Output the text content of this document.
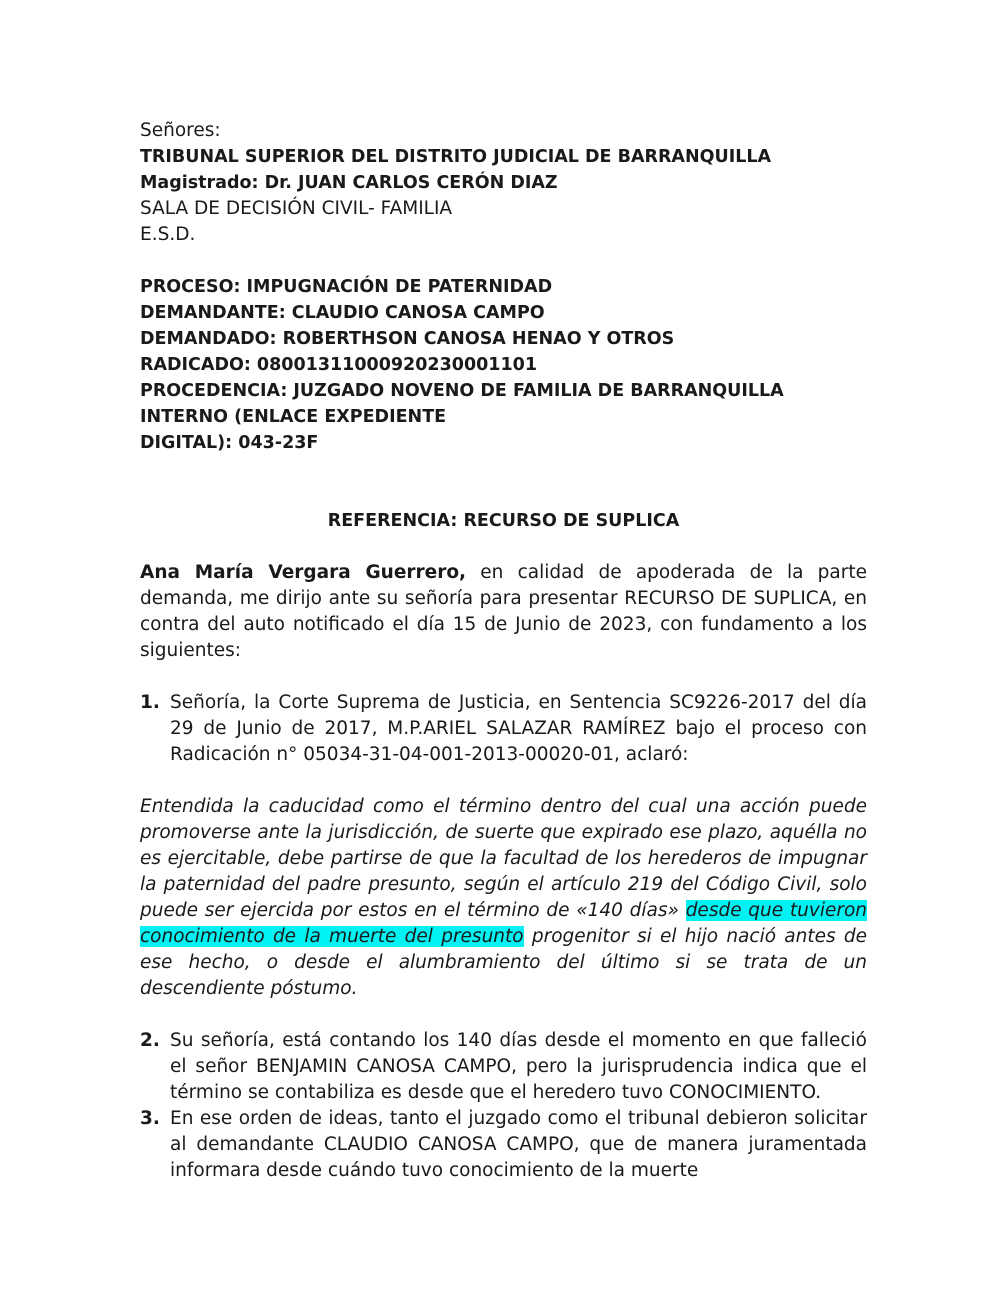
Señores:
TRIBUNAL SUPERIOR DEL DISTRITO JUDICIAL DE BARRANQUILLA
Magistrado: Dr. JUAN CARLOS CERÓN DIAZ
SALA DE DECISIÓN CIVIL- FAMILIA
E.S.D.
PROCESO: IMPUGNACIÓN DE PATERNIDAD
DEMANDANTE: CLAUDIO CANOSA CAMPO
DEMANDADO: ROBERTHSON CANOSA HENAO Y OTROS
RADICADO: 08001311000920230001101
PROCEDENCIA: JUZGADO NOVENO DE FAMILIA DE BARRANQUILLA
INTERNO (ENLACE EXPEDIENTE
DIGITAL): 043-23F
REFERENCIA: RECURSO DE SUPLICA

Ana María Vergara Guerrero, en calidad de apoderada de la parte demanda, me dirijo ante su señoría para presentar RECURSO DE SUPLICA, en contra del auto notificado el día 15 de Junio de 2023, con fundamento a los siguientes:

1. Señoría, la Corte Suprema de Justicia, en Sentencia SC9226-2017 del día 29 de Junio de 2017, M.P.ARIEL SALAZAR RAMÍREZ bajo el proceso con Radicación n° 05034-31-04-001-2013-00020-01, aclaró:

Entendida la caducidad como el término dentro del cual una acción puede promoverse ante la jurisdicción, de suerte que expirado ese plazo, aquélla no es ejercitable, debe partirse de que la facultad de los herederos de impugnar la paternidad del padre presunto, según el artículo 219 del Código Civil, solo puede ser ejercida por estos en el término de «140 días» desde que tuvieron conocimiento de la muerte del presunto progenitor si el hijo nació antes de ese hecho, o desde el alumbramiento del último si se trata de un descendiente póstumo.

2. Su señoría, está contando los 140 días desde el momento en que falleció el señor BENJAMIN CANOSA CAMPO, pero la jurisprudencia indica que el término se contabiliza es desde que el heredero tuvo CONOCIMIENTO.
3. En ese orden de ideas, tanto el juzgado como el tribunal debieron solicitar al demandante CLAUDIO CANOSA CAMPO, que de manera juramentada informara desde cuándo tuvo conocimiento de la muerte
